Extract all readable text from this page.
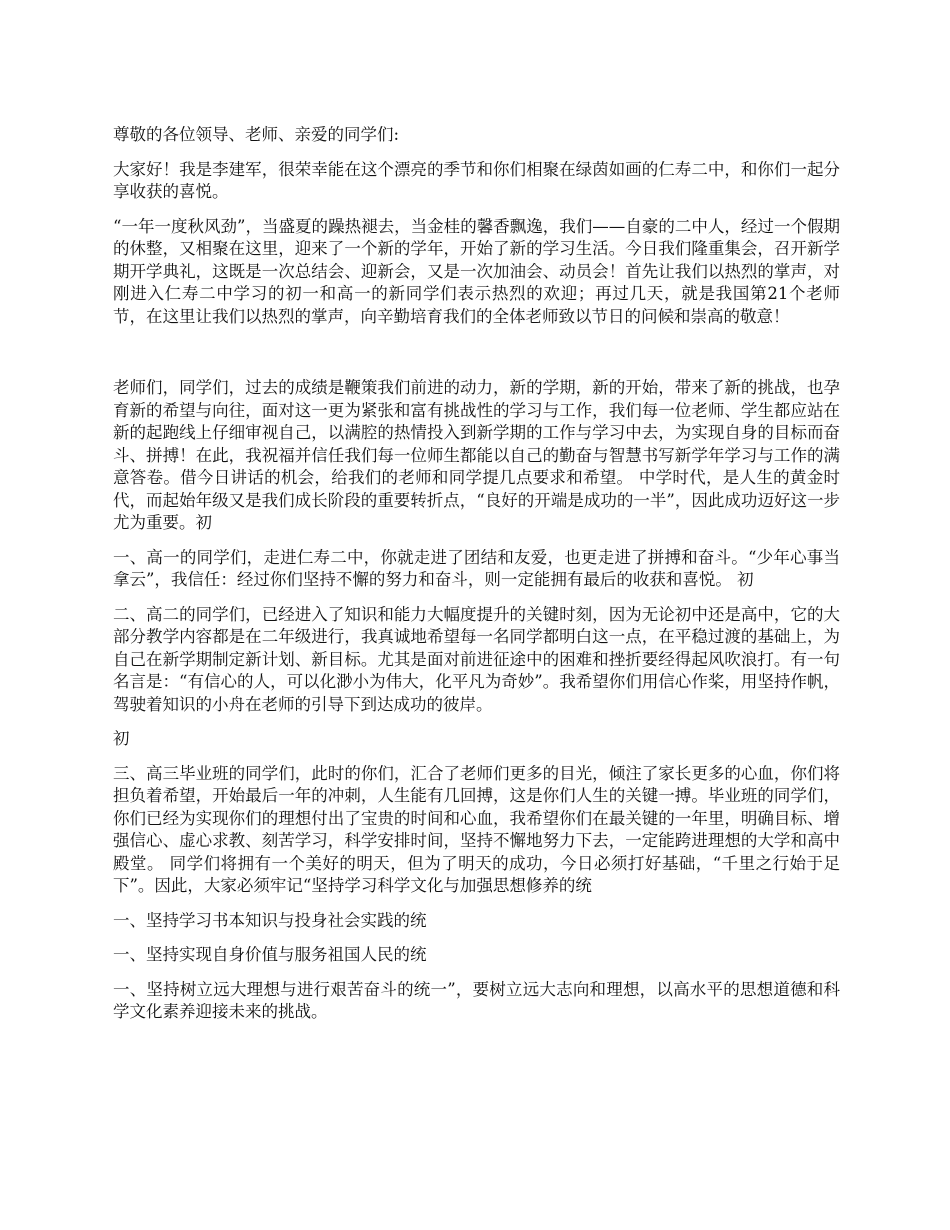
尊敬的各位领导、老师、亲爱的同学们:

大家好！我是李建军，很荣幸能在这个漂亮的季节和你们相聚在绿茵如画的仁寿二中，和你们一起分享收获的喜悦。

“一年一度秋风劲”，当盛夏的躁热褪去，当金桂的馨香飘逸，我们——自豪的二中人，经过一个假期的休整，又相聚在这里，迎来了一个新的学年，开始了新的学习生活。今日我们隆重集会，召开新学期开学典礼，这既是一次总结会、迎新会，又是一次加油会、动员会！首先让我们以热烈的掌声，对刚进入仁寿二中学习的初一和高一的新同学们表示热烈的欢迎；再过几天，就是我国第21个老师节，在这里让我们以热烈的掌声，向辛勤培育我们的全体老师致以节日的问候和崇高的敬意！

老师们，同学们，过去的成绩是鞭策我们前进的动力，新的学期，新的开始，带来了新的挑战，也孕育新的希望与向往，面对这一更为紧张和富有挑战性的学习与工作，我们每一位老师、学生都应站在新的起跑线上仔细审视自己，以满腔的热情投入到新学期的工作与学习中去，为实现自身的目标而奋斗、拼搏！在此，我祝福并信任我们每一位师生都能以自己的勤奋与智慧书写新学年学习与工作的满意答卷。借今日讲话的机会，给我们的老师和同学提几点要求和希望。 中学时代，是人生的黄金时代，而起始年级又是我们成长阶段的重要转折点，“良好的开端是成功的一半”，因此成功迈好这一步尤为重要。初

一、高一的同学们，走进仁寿二中，你就走进了团结和友爱，也更走进了拼搏和奋斗。“少年心事当拿云”，我信任：经过你们坚持不懈的努力和奋斗，则一定能拥有最后的收获和喜悦。 初

二、高二的同学们，已经进入了知识和能力大幅度提升的关键时刻，因为无论初中还是高中，它的大部分教学内容都是在二年级进行，我真诚地希望每一名同学都明白这一点，在平稳过渡的基础上，为自己在新学期制定新计划、新目标。尤其是面对前进征途中的困难和挫折要经得起风吹浪打。有一句名言是：“有信心的人，可以化渺小为伟大，化平凡为奇妙”。我希望你们用信心作桨，用坚持作帆，驾驶着知识的小舟在老师的引导下到达成功的彼岸。

初

三、高三毕业班的同学们，此时的你们，汇合了老师们更多的目光，倾注了家长更多的心血，你们将担负着希望，开始最后一年的冲刺，人生能有几回搏，这是你们人生的关键一搏。毕业班的同学们，你们已经为实现你们的理想付出了宝贵的时间和心血，我希望你们在最关键的一年里，明确目标、增强信心、虚心求教、刻苦学习，科学安排时间，坚持不懈地努力下去，一定能跨进理想的大学和高中殿堂。 同学们将拥有一个美好的明天，但为了明天的成功，今日必须打好基础，“千里之行始于足下”。因此，大家必须牢记“坚持学习科学文化与加强思想修养的统

一、坚持学习书本知识与投身社会实践的统

一、坚持实现自身价值与服务祖国人民的统

一、坚持树立远大理想与进行艰苦奋斗的统一”，要树立远大志向和理想，以高水平的思想道德和科学文化素养迎接未来的挑战。
